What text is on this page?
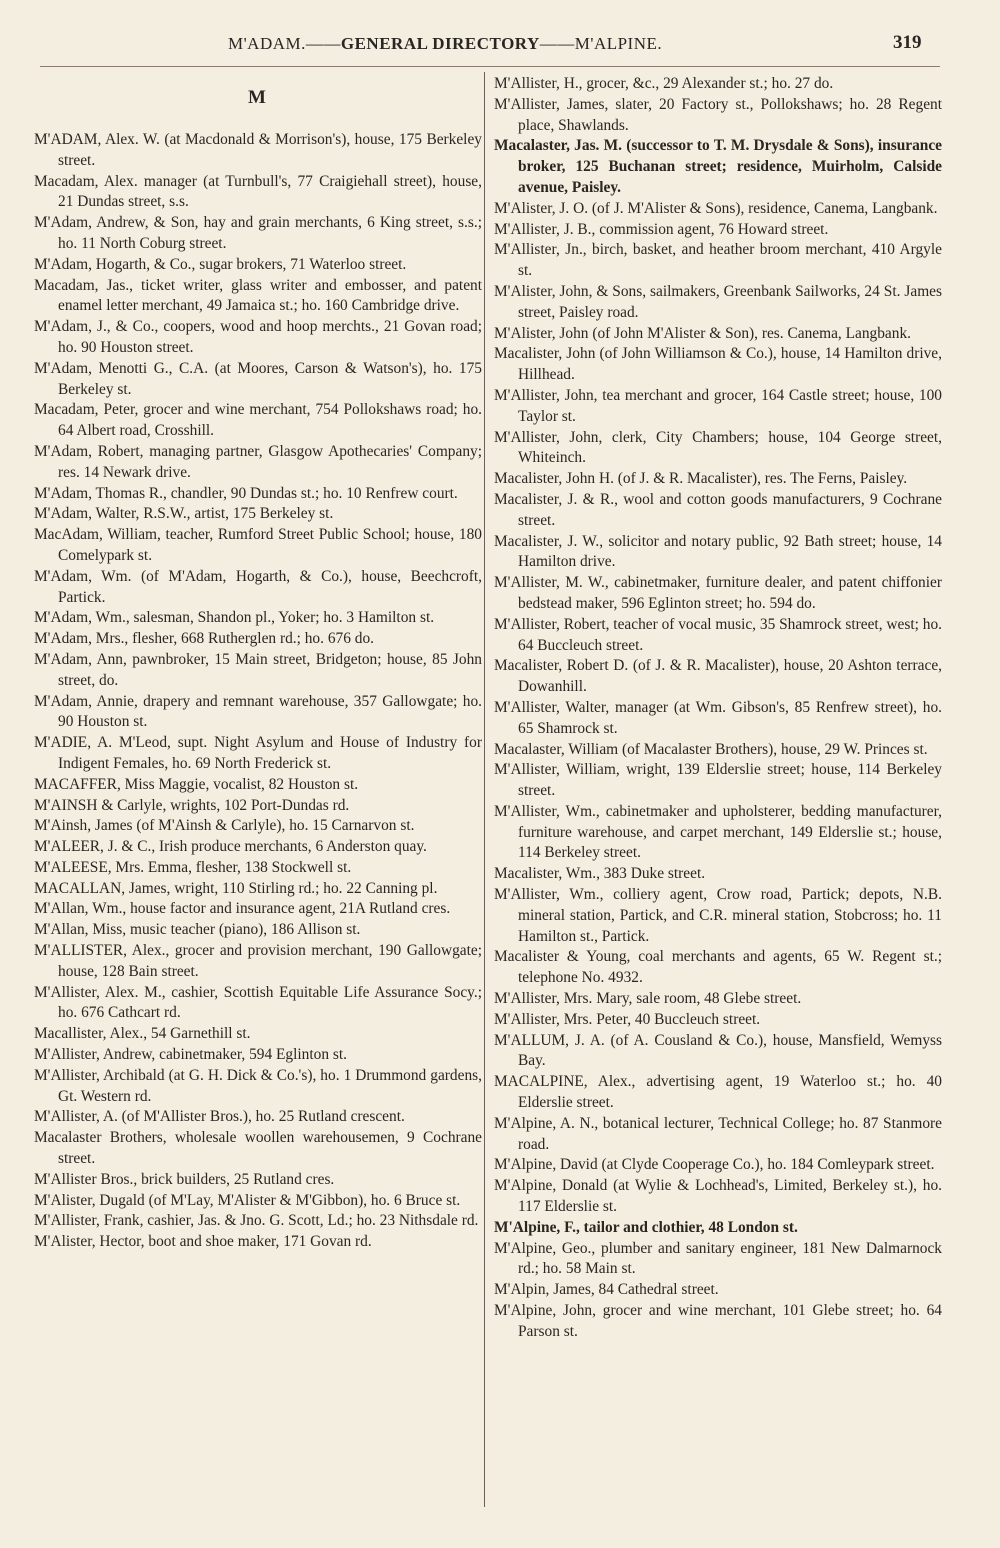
M'ADAM.——GENERAL DIRECTORY——M'ALPINE.	319
M

M'ADAM, Alex. W. (at Macdonald & Morrison's), house, 175 Berkeley street.

Macadam, Alex. manager (at Turnbull's, 77 Craigiehall street), house, 21 Dundas street, s.s.

M'Adam, Andrew, & Son, hay and grain merchants, 6 King street, s.s.; ho. 11 North Coburg street.

M'Adam, Hogarth, & Co., sugar brokers, 71 Waterloo street.

Macadam, Jas., ticket writer, glass writer and embosser, and patent enamel letter merchant, 49 Jamaica st.; ho. 160 Cambridge drive.

M'Adam, J., & Co., coopers, wood and hoop merchts., 21 Govan road; ho. 90 Houston street.

M'Adam, Menotti G., C.A. (at Moores, Carson & Watson's), ho. 175 Berkeley st.

Macadam, Peter, grocer and wine merchant, 754 Pollokshaws road; ho. 64 Albert road, Crosshill.

M'Adam, Robert, managing partner, Glasgow Apothecaries' Company; res. 14 Newark drive.

M'Adam, Thomas R., chandler, 90 Dundas st.; ho. 10 Renfrew court.

M'Adam, Walter, R.S.W., artist, 175 Berkeley st.

MacAdam, William, teacher, Rumford Street Public School; house, 180 Comelypark st.

M'Adam, Wm. (of M'Adam, Hogarth, & Co.), house, Beechcroft, Partick.

M'Adam, Wm., salesman, Shandon pl., Yoker; ho. 3 Hamilton st.

M'Adam, Mrs., flesher, 668 Rutherglen rd.; ho. 676 do.

M'Adam, Ann, pawnbroker, 15 Main street, Bridgeton; house, 85 John street, do.

M'Adam, Annie, drapery and remnant warehouse, 357 Gallowgate; ho. 90 Houston st.

M'ADIE, A. M'Leod, supt. Night Asylum and House of Industry for Indigent Females, ho. 69 North Frederick st.

MACAFFER, Miss Maggie, vocalist, 82 Houston st.

M'AINSH & Carlyle, wrights, 102 Port-Dundas rd.

M'Ainsh, James (of M'Ainsh & Carlyle), ho. 15 Carnarvon st.

M'ALEER, J. & C., Irish produce merchants, 6 Anderston quay.

M'ALEESE, Mrs. Emma, flesher, 138 Stockwell st.

MACALLAN, James, wright, 110 Stirling rd.; ho. 22 Canning pl.

M'Allan, Wm., house factor and insurance agent, 21A Rutland cres.

M'Allan, Miss, music teacher (piano), 186 Allison st.

M'ALLISTER, Alex., grocer and provision merchant, 190 Gallowgate; house, 128 Bain street.

M'Allister, Alex. M., cashier, Scottish Equitable Life Assurance Socy.; ho. 676 Cathcart rd.

Macallister, Alex., 54 Garnethill st.

M'Allister, Andrew, cabinetmaker, 594 Eglinton st.

M'Allister, Archibald (at G. H. Dick & Co.'s), ho. 1 Drummond gardens, Gt. Western rd.

M'Allister, A. (of M'Allister Bros.), ho. 25 Rutland crescent.

Macalaster Brothers, wholesale woollen warehousemen, 9 Cochrane street.

M'Allister Bros., brick builders, 25 Rutland cres.

M'Alister, Dugald (of M'Lay, M'Alister & M'Gibbon), ho. 6 Bruce st.

M'Allister, Frank, cashier, Jas. & Jno. G. Scott, Ld.; ho. 23 Nithsdale rd.

M'Alister, Hector, boot and shoe maker, 171 Govan rd.

M'Allister, H., grocer, &c., 29 Alexander st.; ho. 27 do.

M'Allister, James, slater, 20 Factory st., Pollokshaws; ho. 28 Regent place, Shawlands.

Macalaster, Jas. M. (successor to T. M. Drysdale & Sons), insurance broker, 125 Buchanan street; residence, Muirholm, Calside avenue, Paisley.

M'Alister, J. O. (of J. M'Alister & Sons), residence, Canema, Langbank.

M'Allister, J. B., commission agent, 76 Howard street.

M'Allister, Jn., birch, basket, and heather broom merchant, 410 Argyle st.

M'Alister, John, & Sons, sailmakers, Greenbank Sailworks, 24 St. James street, Paisley road.

M'Alister, John (of John M'Alister & Son), res. Canema, Langbank.

Macalister, John (of John Williamson & Co.), house, 14 Hamilton drive, Hillhead.

M'Allister, John, tea merchant and grocer, 164 Castle street; house, 100 Taylor st.

M'Allister, John, clerk, City Chambers; house, 104 George street, Whiteinch.

Macalister, John H. (of J. & R. Macalister), res. The Ferns, Paisley.

Macalister, J. & R., wool and cotton goods manufacturers, 9 Cochrane street.

Macalister, J. W., solicitor and notary public, 92 Bath street; house, 14 Hamilton drive.

M'Allister, M. W., cabinetmaker, furniture dealer, and patent chiffonier bedstead maker, 596 Eglinton street; ho. 594 do.

M'Allister, Robert, teacher of vocal music, 35 Shamrock street, west; ho. 64 Buccleuch street.

Macalister, Robert D. (of J. & R. Macalister), house, 20 Ashton terrace, Dowanhill.

M'Allister, Walter, manager (at Wm. Gibson's, 85 Renfrew street), ho. 65 Shamrock st.

Macalaster, William (of Macalaster Brothers), house, 29 W. Princes st.

M'Allister, William, wright, 139 Elderslie street; house, 114 Berkeley street.

M'Allister, Wm., cabinetmaker and upholsterer, bedding manufacturer, furniture warehouse, and carpet merchant, 149 Elderslie st.; house, 114 Berkeley street.

Macalister, Wm., 383 Duke street.

M'Allister, Wm., colliery agent, Crow road, Partick; depots, N.B. mineral station, Partick, and C.R. mineral station, Stobcross; ho. 11 Hamilton st., Partick.

Macalister & Young, coal merchants and agents, 65 W. Regent st.; telephone No. 4932.

M'Allister, Mrs. Mary, sale room, 48 Glebe street.

M'Allister, Mrs. Peter, 40 Buccleuch street.

M'ALLUM, J. A. (of A. Cousland & Co.), house, Mansfield, Wemyss Bay.

MACALPINE, Alex., advertising agent, 19 Waterloo st.; ho. 40 Elderslie street.

M'Alpine, A. N., botanical lecturer, Technical College; ho. 87 Stanmore road.

M'Alpine, David (at Clyde Cooperage Co.), ho. 184 Comleypark street.

M'Alpine, Donald (at Wylie & Lochhead's, Limited, Berkeley st.), ho. 117 Elderslie st.

M'Alpine, F., tailor and clothier, 48 London st.

M'Alpine, Geo., plumber and sanitary engineer, 181 New Dalmarnock rd.; ho. 58 Main st.

M'Alpin, James, 84 Cathedral street.

M'Alpine, John, grocer and wine merchant, 101 Glebe street; ho. 64 Parson st.
